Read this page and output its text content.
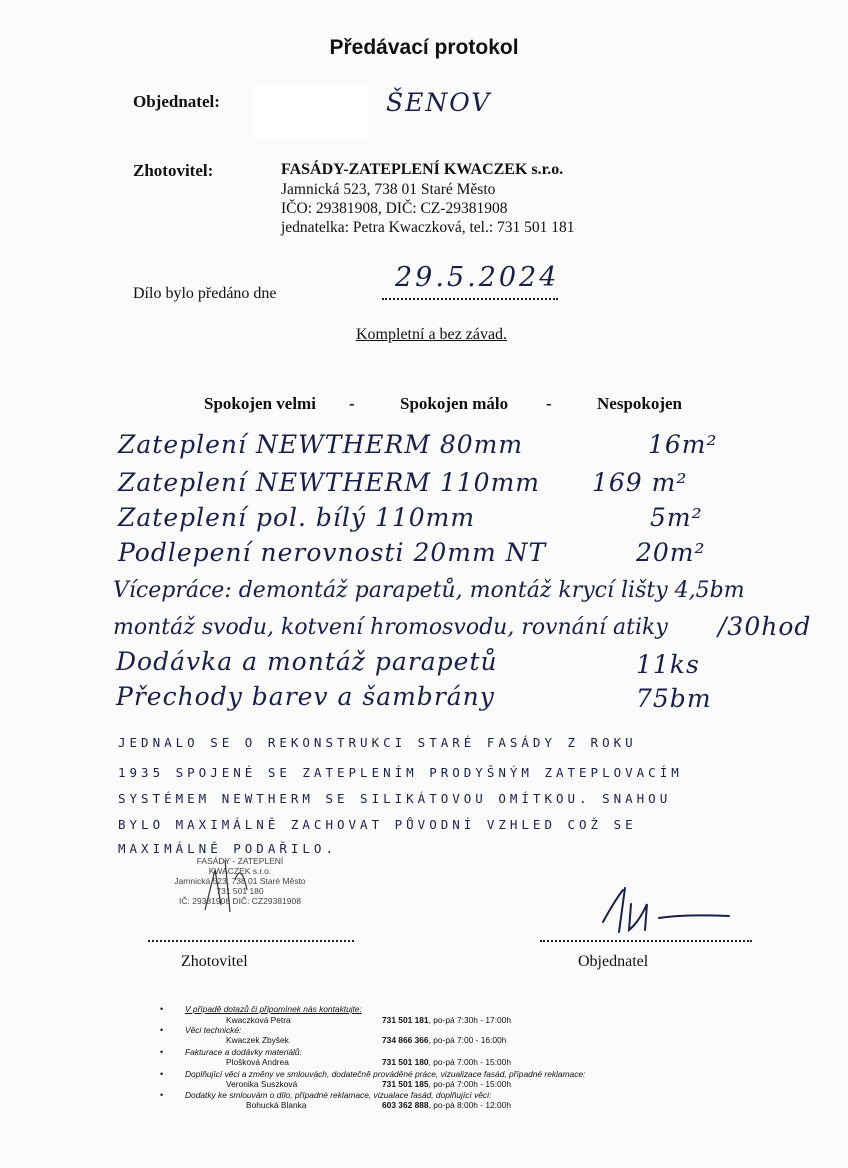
Předávací protokol
Objednatel:	ŠENOV
Zhotovitel:	FASÁDY-ZATEPLENÍ KWACZEK s.r.o.
Jamnická 523, 738 01 Staré Město
IČO: 29381908, DIČ: CZ-29381908
jednatelka: Petra Kwaczková, tel.: 731 501 181
Dílo bylo předáno dne
29.5.2024
Kompletní a bez závad.
Spokojen velmi -	Spokojen málo -	Nespokojen
Zateplení NEWTHERM 80mm	16m²
Zateplení NEWTHERM 110mm 169 m²
Zateplení pol. bílý 110mm	5m²
Podlepení nerovnosti 20mm NT	20m²
Vícepráce: demontáž parapetů, montáž krycí lišty 4,5bm
montáž svodu, kotvení hromosvodu, rovnání atiky /30hod
Dodávka a montáž parapetů	11ks
Přechody barev a šambrány	75bm
JEDNALO SE O REKONSTRUKCI STARÉ FASÁDY Z ROKU
1935 SPOJENÉ SE ZATEPLENÍM PRODYŠNÝM ZATEPLOVACÍM
SYSTÉMEM NEWTHERM SE SILIKÁTOVOU OMÍTKOU. SNAHOU
BYLO MAXIMÁLNĚ ZACHOVAT PŮVODNÍ VZHLED COŽ SE
MAXIMÁLNĚ PODAŘILO.
FASÁDY - ZATEPLENÍ
KWACZEK s.r.o.
Jamnická 523, 738 01 Staré Město
731 501 180
IČ: 29381908 DIČ: CZ29381908
Zhotovitel	Objednatel
•	V případě dotazů či připomínek nás kontaktujte:
Kwaczková Petra	731 501 181, po-pá 7:30h - 17:00h
•	Věci technické:
Kwaczek Zbyšek	734 866 366, po-pá 7:00 - 16:00h
•	Fakturace a dodávky materiálů:
Plošková Andrea	731 501 180, po-pá 7:00h - 15:00h
•	Doplňující věci a změny ve smlouvách, dodatečně prováděné práce, vizualizace fasád, případné reklamace:
Veronika Suszková	731 501 185, po-pá 7:00h - 15:00h
•	Dodatky ke smlouvám o dílo, případné reklamace, vizualace fasád, doplňující věci:
Bohucká Blanka	603 362 888, po-pá 8:00h - 12:00h
